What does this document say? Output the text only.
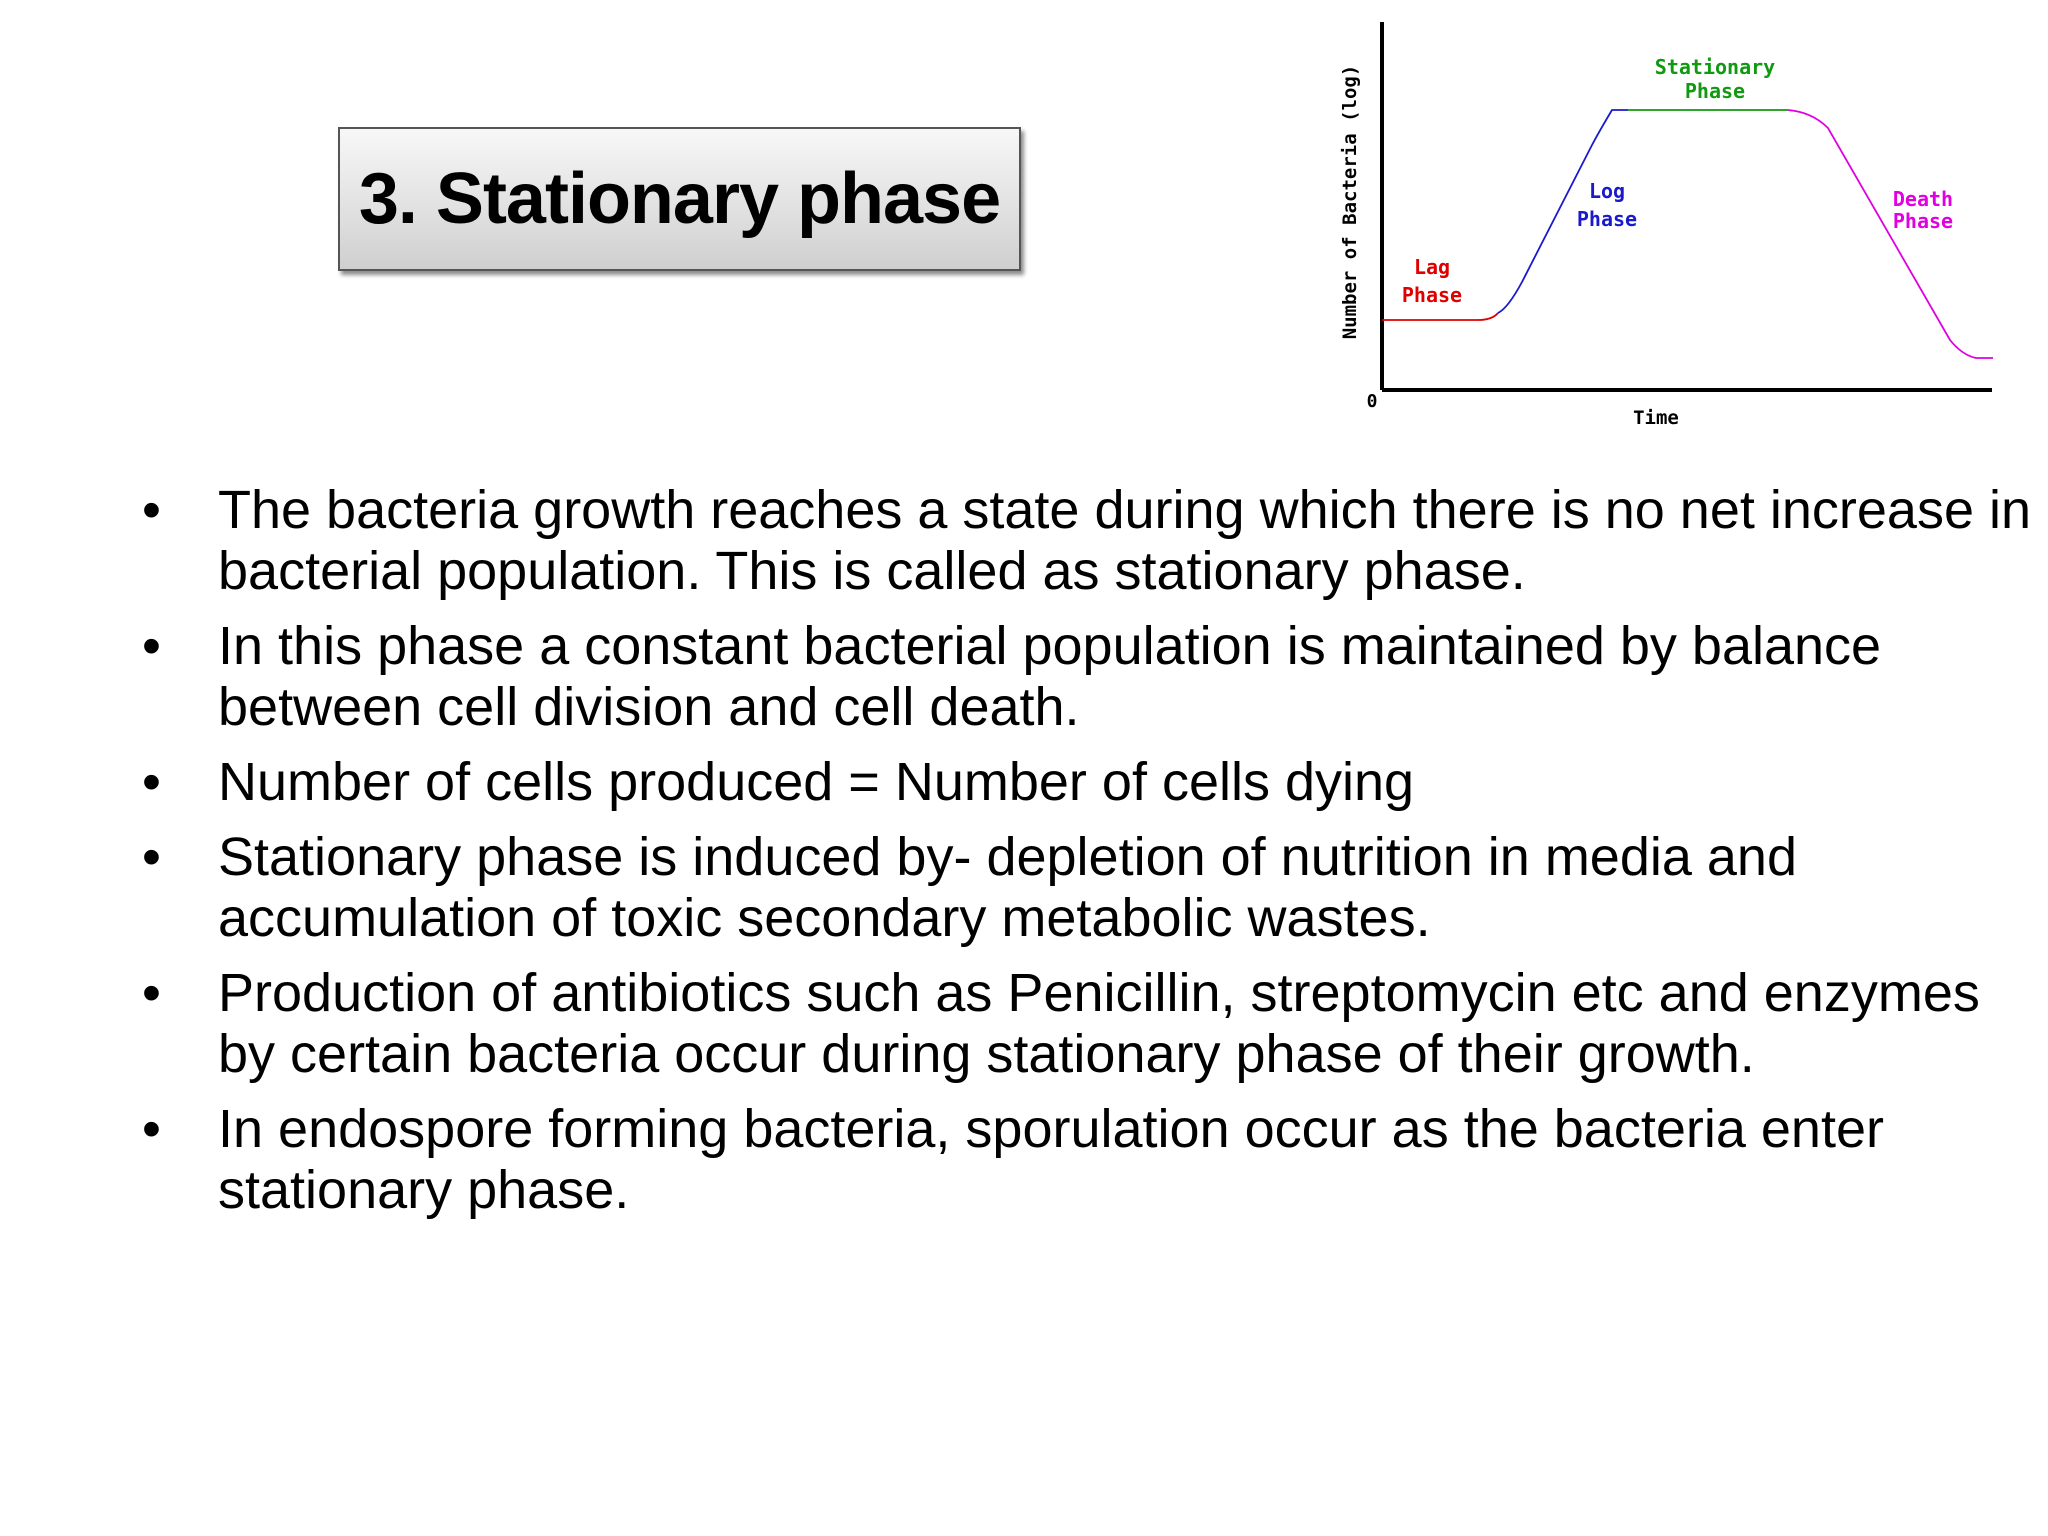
3. Stationary phase
Lag
Phase
Log
Phase
Stationary
Phase
Death
Phase
0
Time
Number of Bacteria (log)
• The bacteria growth reaches a state during which there is no net increase in bacterial population. This is called as stationary phase.
• In this phase a constant bacterial population is maintained by balance between cell division and cell death.
• Number of cells produced = Number of cells dying
• Stationary phase is induced by- depletion of nutrition in media and accumulation of toxic secondary metabolic wastes.
• Production of antibiotics such as Penicillin, streptomycin etc and enzymes by certain bacteria occur during stationary phase of their growth.
• In endospore forming bacteria, sporulation occur as the bacteria enter stationary phase.
